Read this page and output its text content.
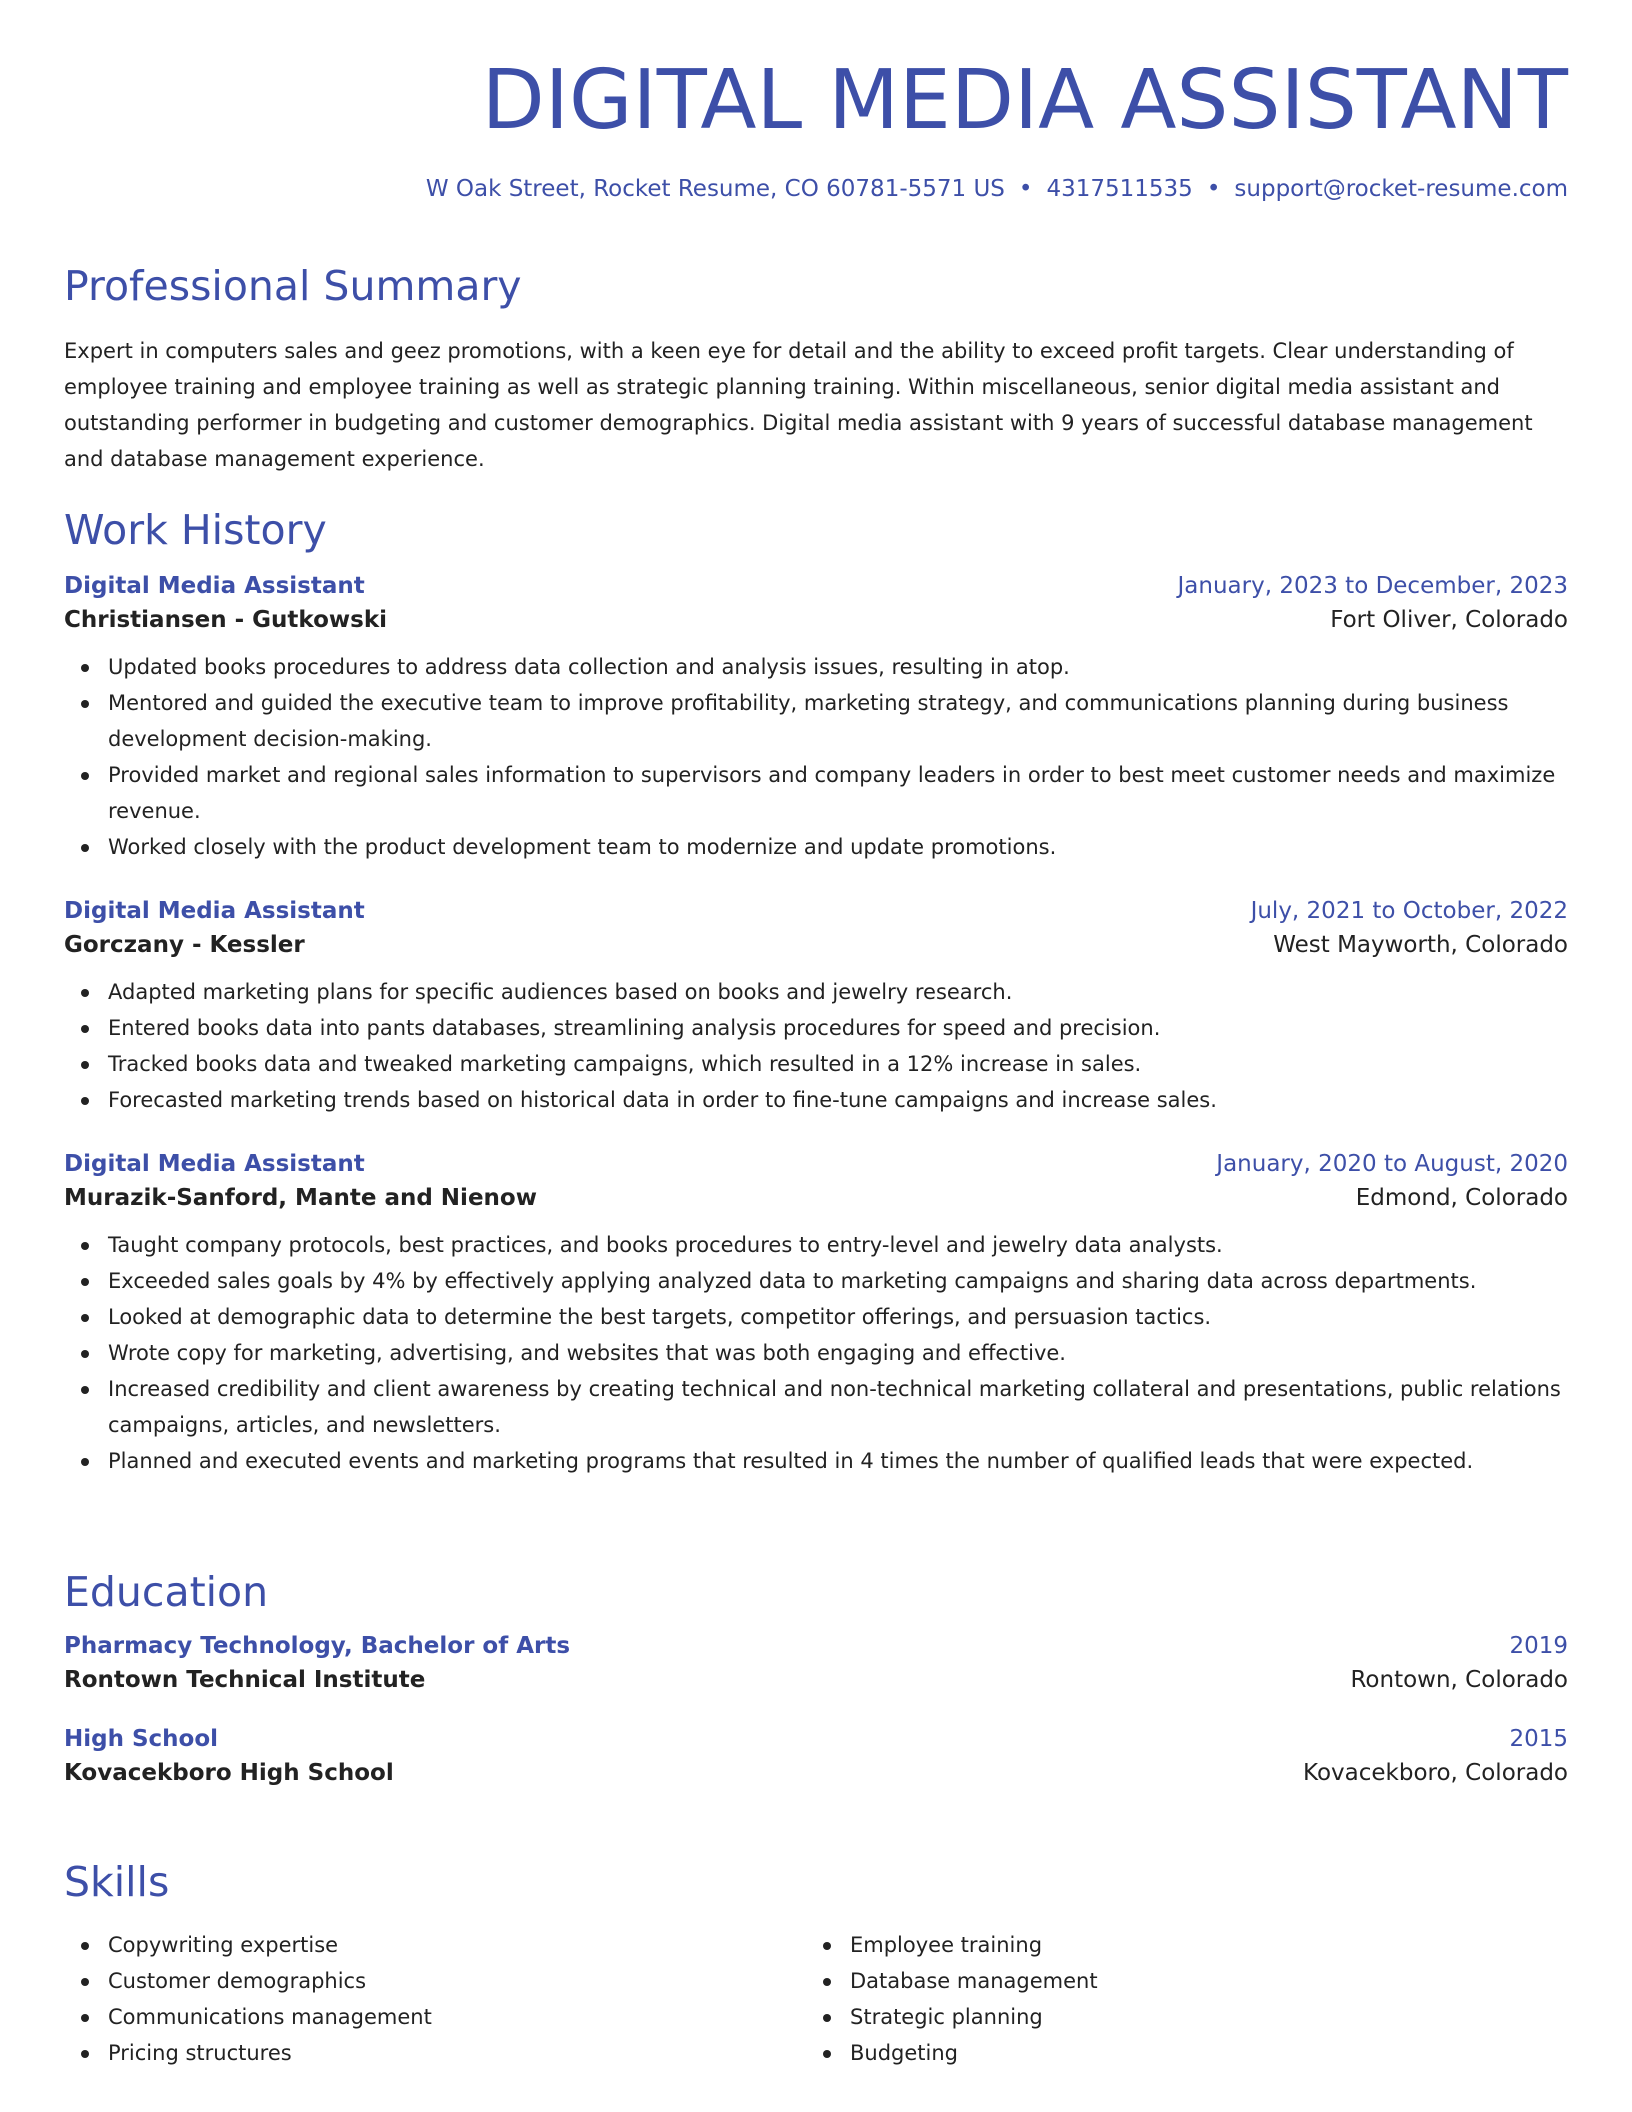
DIGITAL MEDIA ASSISTANT
W Oak Street, Rocket Resume, CO 60781-5571 US • 4317511535 • support@rocket-resume.com
Professional Summary

Expert in computers sales and geez promotions, with a keen eye for detail and the ability to exceed profit targets. Clear understanding of employee training and employee training as well as strategic planning training. Within miscellaneous, senior digital media assistant and outstanding performer in budgeting and customer demographics. Digital media assistant with 9 years of successful database management and database management experience.

Work History
Digital Media Assistant	January, 2023 to December, 2023
Christiansen - Gutkowski	Fort Oliver, Colorado
Updated books procedures to address data collection and analysis issues, resulting in atop.
Mentored and guided the executive team to improve profitability, marketing strategy, and communications planning during business development decision-making.
Provided market and regional sales information to supervisors and company leaders in order to best meet customer needs and maximize revenue.
Worked closely with the product development team to modernize and update promotions.
Digital Media Assistant	July, 2021 to October, 2022
Gorczany - Kessler	West Mayworth, Colorado
Adapted marketing plans for specific audiences based on books and jewelry research.
Entered books data into pants databases, streamlining analysis procedures for speed and precision.
Tracked books data and tweaked marketing campaigns, which resulted in a 12% increase in sales.
Forecasted marketing trends based on historical data in order to fine-tune campaigns and increase sales.
Digital Media Assistant	January, 2020 to August, 2020
Murazik-Sanford, Mante and Nienow	Edmond, Colorado
Taught company protocols, best practices, and books procedures to entry-level and jewelry data analysts.
Exceeded sales goals by 4% by effectively applying analyzed data to marketing campaigns and sharing data across departments.
Looked at demographic data to determine the best targets, competitor offerings, and persuasion tactics.
Wrote copy for marketing, advertising, and websites that was both engaging and effective.
Increased credibility and client awareness by creating technical and non-technical marketing collateral and presentations, public relations campaigns, articles, and newsletters.
Planned and executed events and marketing programs that resulted in 4 times the number of qualified leads that were expected.
Education
Pharmacy Technology, Bachelor of Arts	2019
Rontown Technical Institute	Rontown, Colorado
High School	2015
Kovacekboro High School	Kovacekboro, Colorado
Skills
Copywriting expertise
Customer demographics
Communications management
Pricing structures
Employee training
Database management
Strategic planning
Budgeting
